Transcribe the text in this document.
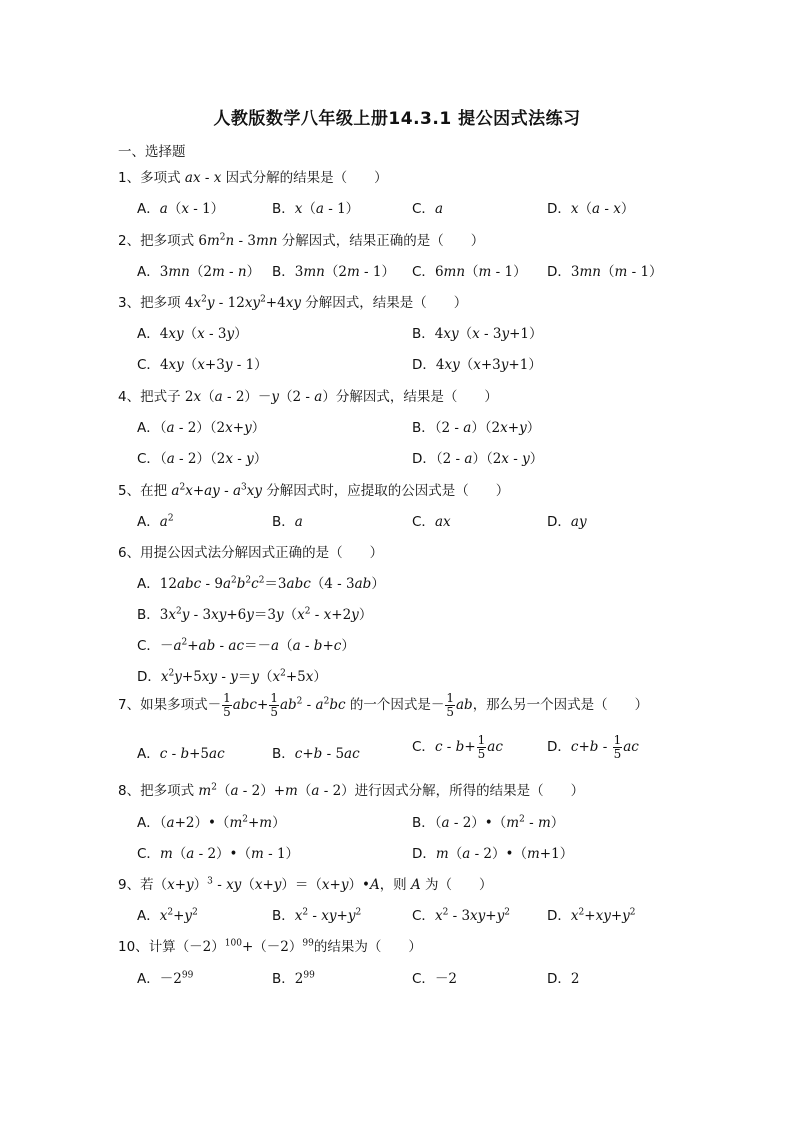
人教版数学八年级上册14.3.1 提公因式法练习
一、选择题
1、多项式 ax - x 因式分解的结果是（　　）
A．a（x - 1）	B．x（a - 1）	C．a	D．x（a - x）
2、把多项式 $6m^2n - 3mn$ 分解因式，结果正确的是（　　）
A．3mn（2m - n） B．3mn（2m - 1） C．6mn（m - 1） D．3mn（m - 1）
3、把多项 $4x^2y - 12xy^2+4xy$ 分解因式，结果是（　　）
A．4xy（x - 3y）	B．4xy（x - 3y+1）
C．4xy（x+3y - 1）	D．4xy（x+3y+1）
4、把式子 2x（a - 2）－y（2 - a）分解因式，结果是（　　）
A．（a - 2）（2x+y）	B．（2 - a）（2x+y）
C．（a - 2）（2x - y）	D．（2 - a）（2x - y）
5、在把 $a^2x+ay - a^3xy$ 分解因式时，应提取的公因式是（　　）
A．$a^2$	B．a	C．ax	D．ay
6、用提公因式法分解因式正确的是（　　）
A．$12abc - 9a^2b^2c^2=3abc(4 - 3ab)$
B．$3x^2y - 3xy+6y=3y(x^2 - x+2y)$
C．$-a^2+ab - ac=-a(a - b+c)$
D．$x^2y+5xy - y=y(x^2+5x)$
7、如果多项式－ $\frac{1}{5} abc+ \frac{1}{5} ab^2 - a^2bc$ 的一个因式是－ $\frac{1}{5}$ ab，那么另一个因式是（　　）
A．c - b+5ac	B．c+b - 5ac	C．$c - b+ \frac{1}{5}$ ac	D．$c+b - \frac{1}{5}$ ac
8、把多项式 $m^2(a - 2)+m(a - 2)$进行因式分解，所得的结果是（　　）
A．$(a+2)•(m^2+m)$	B．$(a - 2)•(m^2 - m)$
C．m（a - 2）•（m - 1）	D．m（a - 2）•（m+1）
9、若$(x+y)^3$ - xy（x+y）＝（x+y）•A，则 A 为（　　）
A．$x^2+y^2$	B．$x^2 - xy+y^2$	C．$x^2 - 3xy+y^2$	D．$x^2+xy+y^2$
10、计算$(-2)^{100}+(-2)^{99}$的结果为（　　）
A．$-2^{99}$	B．$2^{99}$	C．－2	D．2
